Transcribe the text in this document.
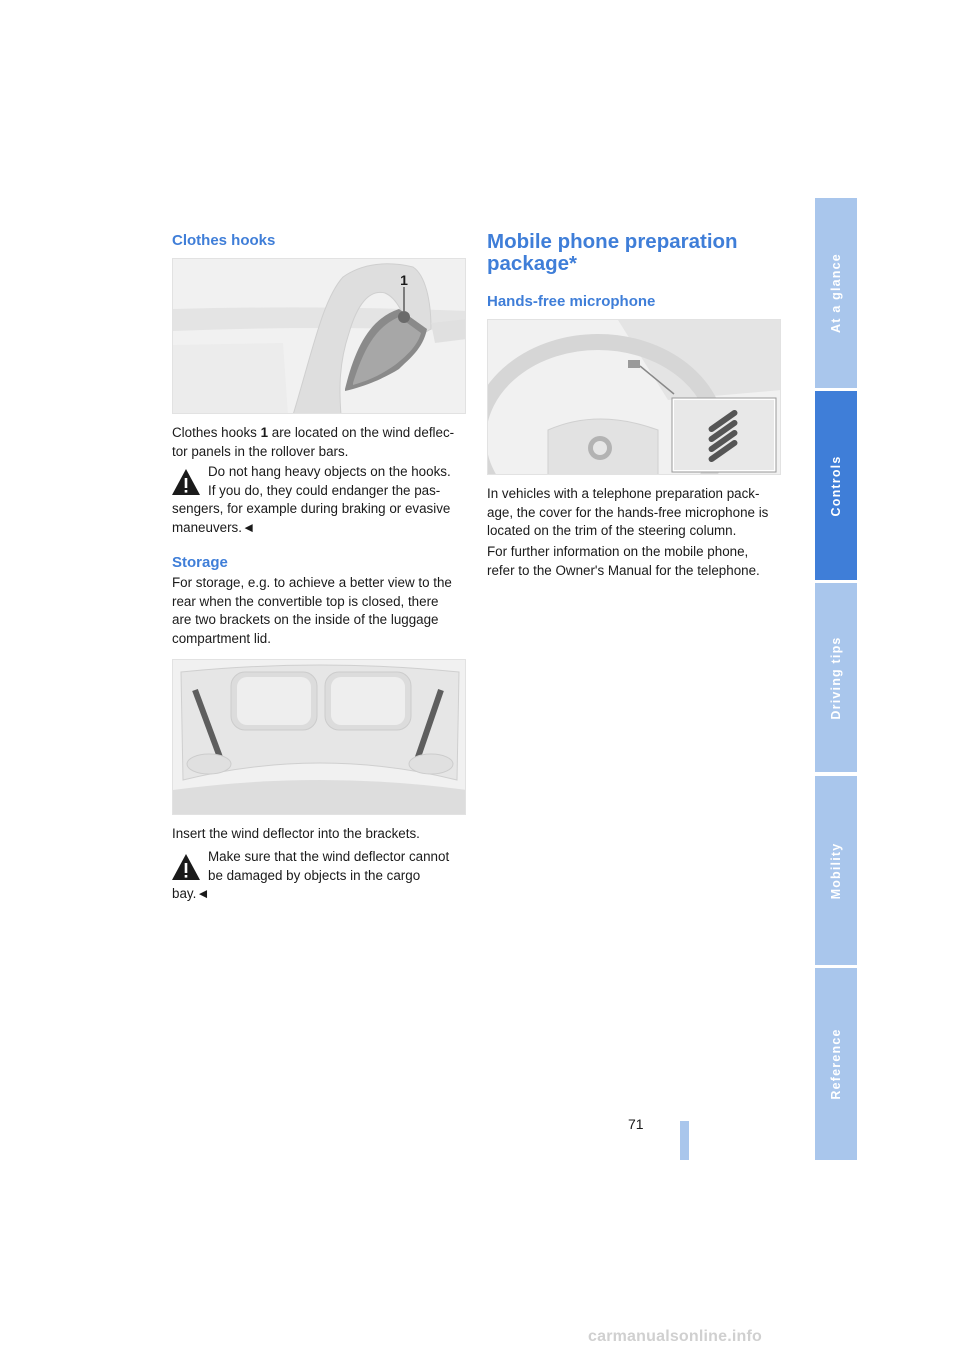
Clothes hooks
1

Clothes hooks 1 are located on the wind deflec-
tor panels in the rollover bars.

Do not hang heavy objects on the hooks.
If you do, they could endanger the pas-
sengers, for example during braking or evasive
maneuvers.◄

Storage

For storage, e.g. to achieve a better view to the
rear when the convertible top is closed, there
are two brackets on the inside of the luggage
compartment lid.

Insert the wind deflector into the brackets.

Make sure that the wind deflector cannot
be damaged by objects in the cargo
bay.◄

Mobile phone preparation
package*
Hands-free microphone

In vehicles with a telephone preparation pack-
age, the cover for the hands-free microphone is
located on the trim of the steering column.

For further information on the mobile phone,
refer to the Owner's Manual for the telephone.

At a glance
Controls
Driving tips
Mobility
Reference
71
carmanualsonline.info
